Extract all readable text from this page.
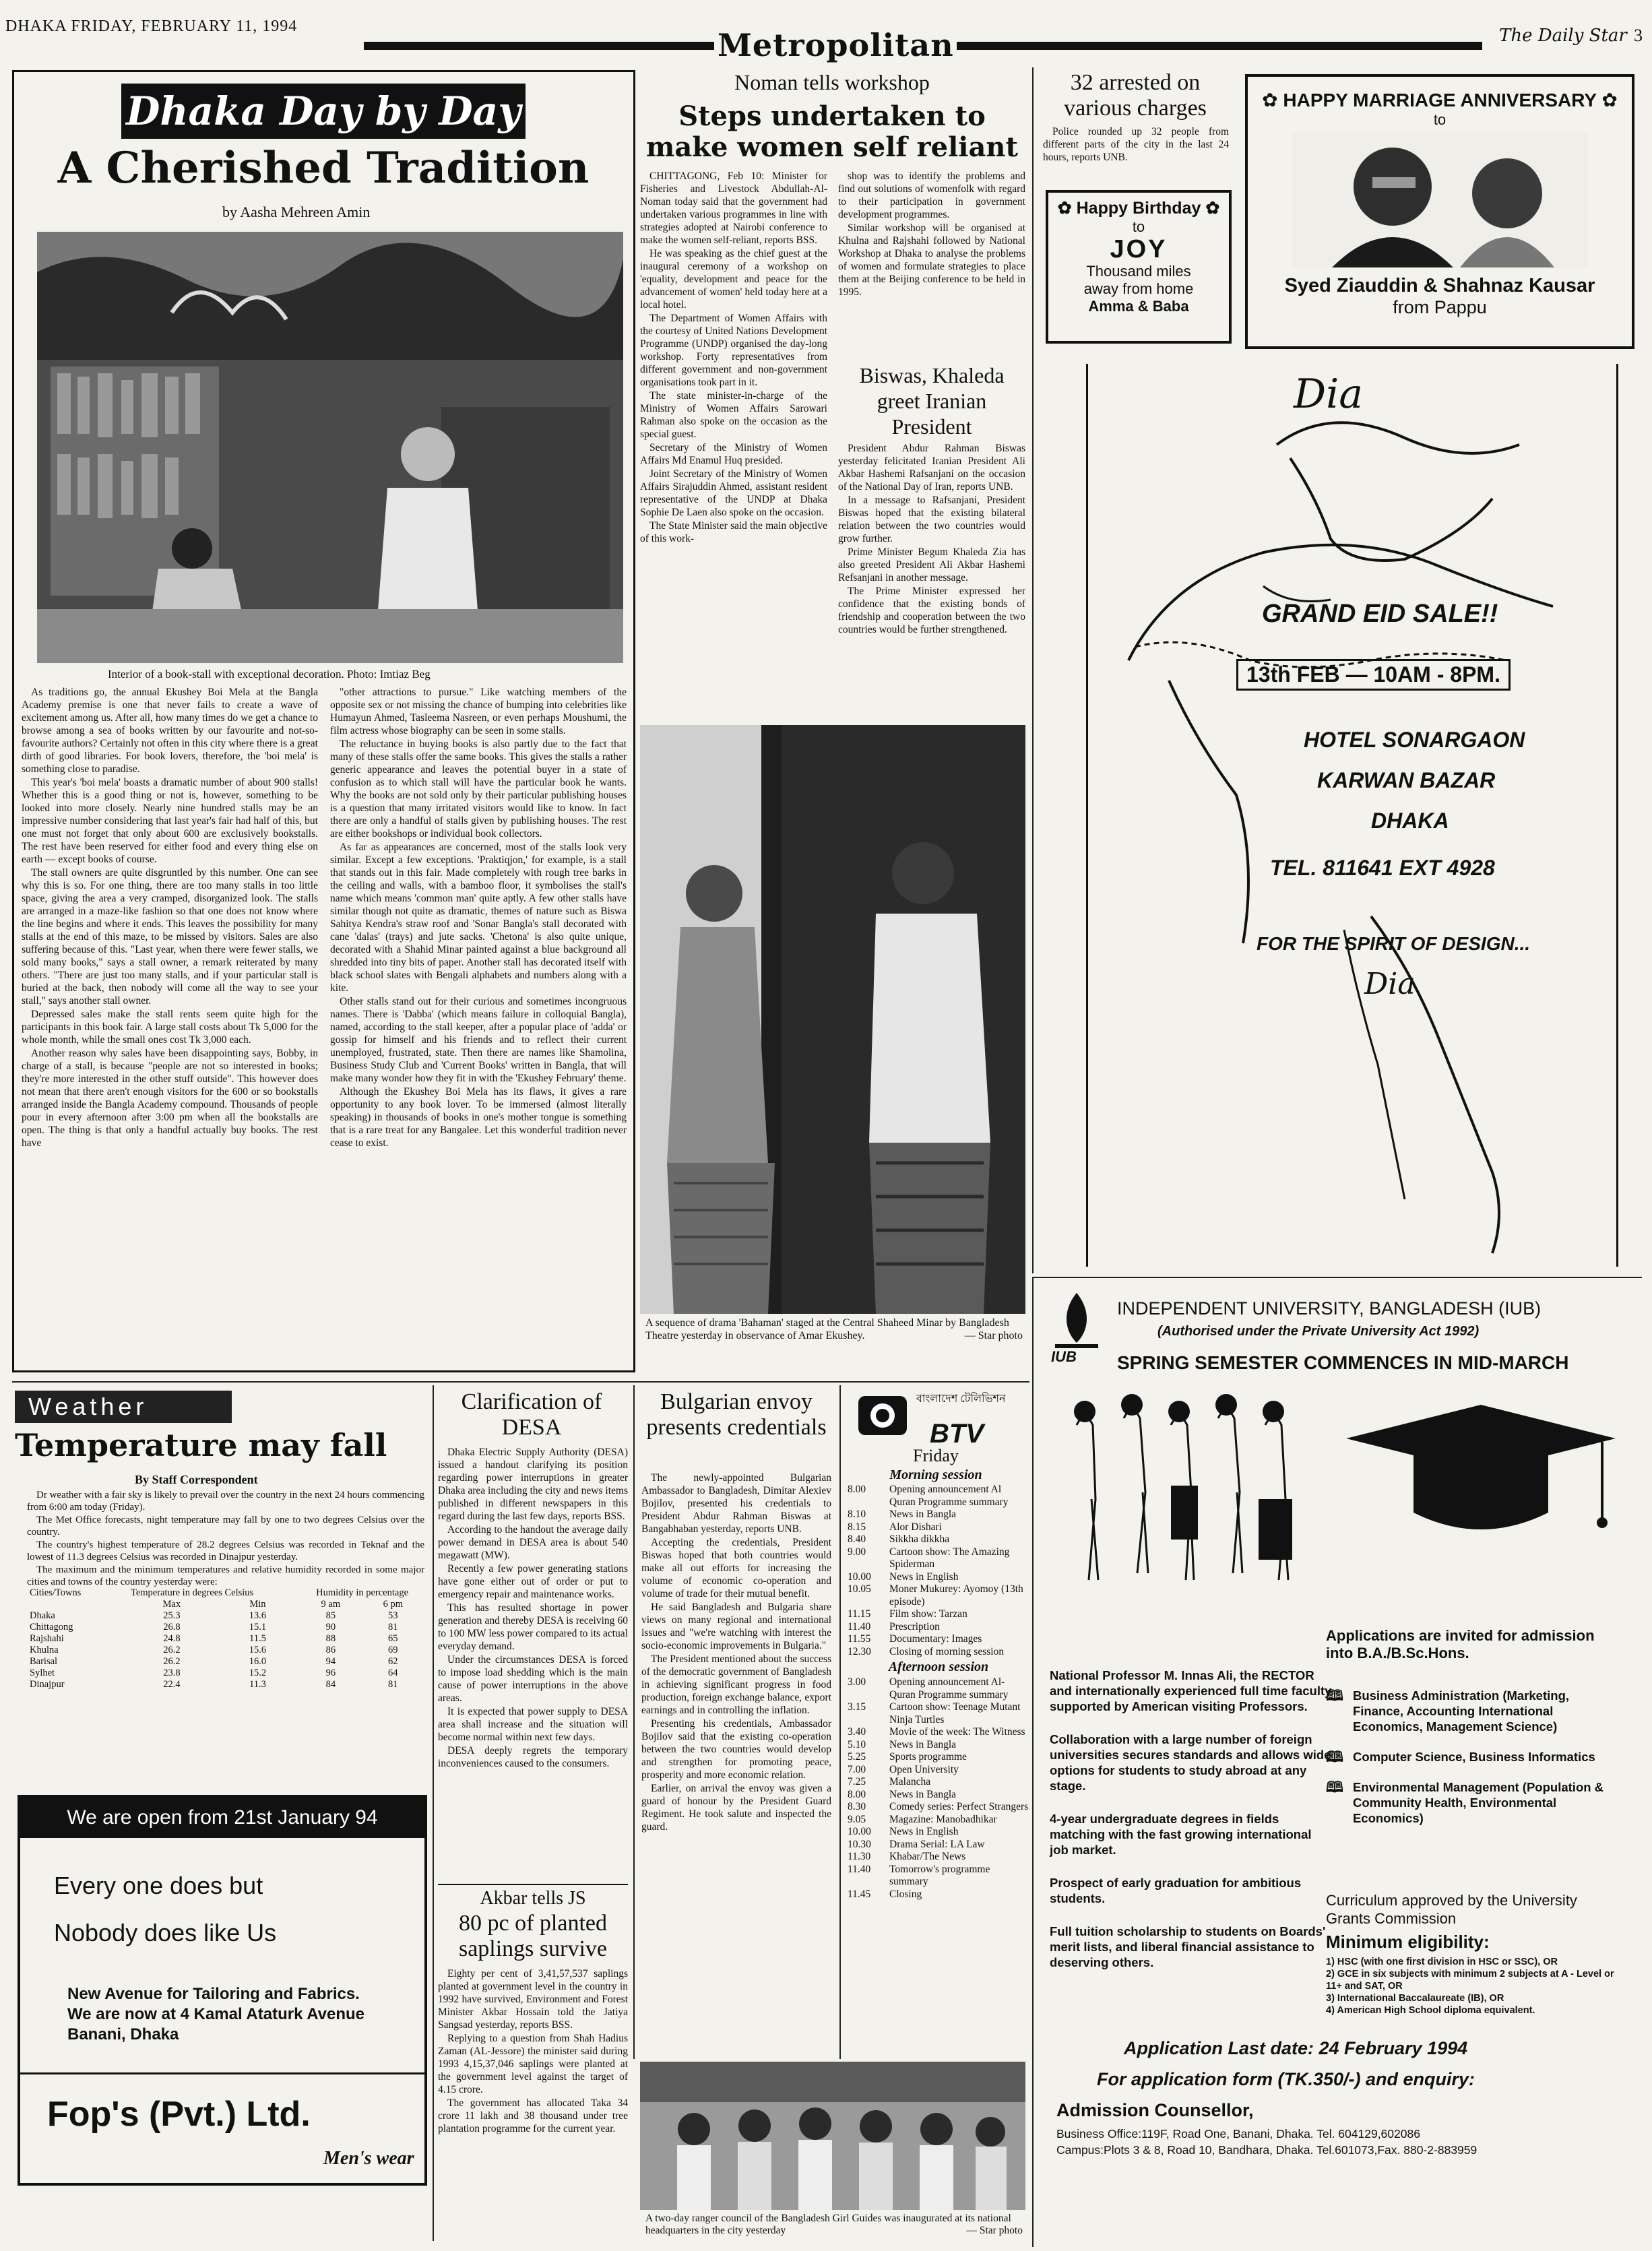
DHAKA FRIDAY, FEBRUARY 11, 1994
Metropolitan	The Daily Star 3
Dhaka Day by Day
A Cherished Tradition
by Aasha Mehreen Amin
Interior of a book-stall with exceptional decoration. Photo: Imtiaz Beg

As traditions go, the annual Ekushey Boi Mela at the Bangla Academy premise is one that never fails to create a wave of excitement among us. After all, how many times do we get a chance to browse among a sea of books written by our favourite and not-so-favourite authors? Certainly not often in this city where there is a great dirth of good libraries. For book lovers, therefore, the 'boi mela' is something close to paradise.

This year's 'boi mela' boasts a dramatic number of about 900 stalls! Whether this is a good thing or not is, however, something to be looked into more closely. Nearly nine hundred stalls may be an impressive number considering that last year's fair had half of this, but one must not forget that only about 600 are exclusively bookstalls. The rest have been reserved for either food and every thing else on earth — except books of course.

The stall owners are quite disgruntled by this number. One can see why this is so. For one thing, there are too many stalls in too little space, giving the area a very cramped, disorganized look. The stalls are arranged in a maze-like fashion so that one does not know where the line begins and where it ends. This leaves the possibility for many stalls at the end of this maze, to be missed by visitors. Sales are also suffering because of this. "Last year, when there were fewer stalls, we sold many books," says a stall owner, a remark reiterated by many others. "There are just too many stalls, and if your particular stall is buried at the back, then nobody will come all the way to see your stall," says another stall owner.

Depressed sales make the stall rents seem quite high for the participants in this book fair. A large stall costs about Tk 5,000 for the whole month, while the small ones cost Tk 3,000 each.

Another reason why sales have been disappointing says, Bobby, in charge of a stall, is because "people are not so interested in books; they're more interested in the other stuff outside". This however does not mean that there aren't enough visitors for the 600 or so bookstalls arranged inside the Bangla Academy compound. Thousands of people pour in every afternoon after 3:00 pm when all the bookstalls are open. The thing is that only a handful actually buy books. The rest have

"other attractions to pursue." Like watching members of the opposite sex or not missing the chance of bumping into celebrities like Humayun Ahmed, Tasleema Nasreen, or even perhaps Moushumi, the film actress whose biography can be seen in some stalls.

The reluctance in buying books is also partly due to the fact that many of these stalls offer the same books. This gives the stalls a rather generic appearance and leaves the potential buyer in a state of confusion as to which stall will have the particular book he wants. Why the books are not sold only by their particular publishing houses is a question that many irritated visitors would like to know. In fact there are only a handful of stalls given by publishing houses. The rest are either bookshops or individual book collectors.

As far as appearances are concerned, most of the stalls look very similar. Except a few exceptions. 'Praktiqjon,' for example, is a stall that stands out in this fair. Made completely with rough tree barks in the ceiling and walls, with a bamboo floor, it symbolises the stall's name which means 'common man' quite aptly. A few other stalls have similar though not quite as dramatic, themes of nature such as Biswa Sahitya Kendra's straw roof and 'Sonar Bangla's stall decorated with cane 'dalas' (trays) and jute sacks. 'Chetona' is also quite unique, decorated with a Shahid Minar painted against a blue background all shredded into tiny bits of paper. Another stall has decorated itself with black school slates with Bengali alphabets and numbers along with a kite.

Other stalls stand out for their curious and sometimes incongruous names. There is 'Dabba' (which means failure in colloquial Bangla), named, according to the stall keeper, after a popular place of 'adda' or gossip for himself and his friends and to reflect their current unemployed, frustrated, state. Then there are names like Shamolina, Business Study Club and 'Current Books' written in Bangla, that will make many wonder how they fit in with the 'Ekushey February' theme.

Although the Ekushey Boi Mela has its flaws, it gives a rare opportunity to any book lover. To be immersed (almost literally speaking) in thousands of books in one's mother tongue is something that is a rare treat for any Bangalee. Let this wonderful tradition never cease to exist.

Noman tells workshop
Steps undertaken to make women self reliant

CHITTAGONG, Feb 10: Minister for Fisheries and Livestock Abdullah-Al-Noman today said that the government had undertaken various programmes in line with strategies adopted at Nairobi conference to make the women self-reliant, reports BSS.

He was speaking as the chief guest at the inaugural ceremony of a workshop on 'equality, development and peace for the advancement of women' held today here at a local hotel.

The Department of Women Affairs with the courtesy of United Nations Development Programme (UNDP) organised the day-long workshop. Forty representatives from different government and non-government organisations took part in it.

The state minister-in-charge of the Ministry of Women Affairs Sarowari Rahman also spoke on the occasion as the special guest.

Secretary of the Ministry of Women Affairs Md Enamul Huq presided.

Joint Secretary of the Ministry of Women Affairs Sirajuddin Ahmed, assistant resident representative of the UNDP at Dhaka Sophie De Laen also spoke on the occasion.

The State Minister said the main objective of this work-

shop was to identify the problems and find out solutions of womenfolk with regard to their participation in government development programmes.

Similar workshop will be organised at Khulna and Rajshahi followed by National Workshop at Dhaka to analyse the problems of women and formulate strategies to place them at the Beijing conference to be held in 1995.

Biswas, Khaleda greet Iranian President

President Abdur Rahman Biswas yesterday felicitated Iranian President Ali Akbar Hashemi Rafsanjani on the occasion of the National Day of Iran, reports UNB.

In a message to Rafsanjani, President Biswas hoped that the existing bilateral relation between the two countries would grow further.

Prime Minister Begum Khaleda Zia has also greeted President Ali Akbar Hashemi Refsanjani in another message.

The Prime Minister expressed her confidence that the existing bonds of friendship and cooperation between the two countries would be further strengthened.

A sequence of drama 'Bahaman' staged at the Central Shaheed Minar by Bangladesh Theatre yesterday in observance of Amar Ekushey.	— Star photo
32 arrested on various charges

Police rounded up 32 people from different parts of the city in the last 24 hours, reports UNB.

✿ Happy Birthday ✿
to
JOY
Thousand miles
away from home
Amma & Baba
✿ HAPPY MARRIAGE ANNIVERSARY ✿
to
Syed Ziauddin & Shahnaz Kausar
from Pappu
Dia
GRAND EID SALE!!
13th FEB — 10AM - 8PM.
HOTEL SONARGAON
KARWAN BAZAR
DHAKA
TEL. 811641 EXT 4928
FOR THE SPIRIT OF DESIGN...
Dia
Weather
Temperature may fall
By Staff Correspondent

Dr weather with a fair sky is likely to prevail over the country in the next 24 hours commencing from 6:00 am today (Friday).

The Met Office forecasts, night temperature may fall by one to two degrees Celsius over the country.

The country's highest temperature of 28.2 degrees Celsius was recorded in Teknaf and the lowest of 11.3 degrees Celsius was recorded in Dinajpur yesterday.

The maximum and the minimum temperatures and relative humidity recorded in some major cities and towns of the country yesterday were:

Cities/Towns	Temperature in degrees Celsius		Humidity in percentage	
	Max	Min	9 am	6 pm
Dhaka	25.3	13.6	85	53
Chittagong	26.8	15.1	90	81
Rajshahi	24.8	11.5	88	65
Khulna	26.2	15.6	86	69
Barisal	26.2	16.0	94	62
Sylhet	23.8	15.2	96	64
Dinajpur	22.4	11.3	84	81
We are open from 21st January 94
Every one does but
Nobody does like Us
New Avenue for Tailoring and Fabrics.
We are now at 4 Kamal Ataturk Avenue
Banani, Dhaka
Fop's (Pvt.) Ltd.
Men's wear
Clarification of DESA

Dhaka Electric Supply Authority (DESA) issued a handout clarifying its position regarding power interruptions in greater Dhaka area including the city and news items published in different newspapers in this regard during the last few days, reports BSS.

According to the handout the average daily power demand in DESA area is about 540 megawatt (MW).

Recently a few power generating stations have gone either out of order or put to emergency repair and maintenance works.

This has resulted shortage in power generation and thereby DESA is receiving 60 to 100 MW less power compared to its actual everyday demand.

Under the circumstances DESA is forced to impose load shedding which is the main cause of power interruptions in the above areas.

It is expected that power supply to DESA area shall increase and the situation will become normal within next few days.

DESA deeply regrets the temporary inconveniences caused to the consumers.

Akbar tells JS
80 pc of planted saplings survive

Eighty per cent of 3,41,57,537 saplings planted at government level in the country in 1992 have survived, Environment and Forest Minister Akbar Hossain told the Jatiya Sangsad yesterday, reports BSS.

Replying to a question from Shah Hadius Zaman (AL-Jessore) the minister said during 1993 4,15,37,046 saplings were planted at the government level against the target of 4.15 crore.

The government has allocated Taka 34 crore 11 lakh and 38 thousand under tree plantation programme for the current year.

Bulgarian envoy presents credentials

The newly-appointed Bulgarian Ambassador to Bangladesh, Dimitar Alexiev Bojilov, presented his credentials to President Abdur Rahman Biswas at Bangabhaban yesterday, reports UNB.

Accepting the credentials, President Biswas hoped that both countries would make all out efforts for increasing the volume of economic co-operation and volume of trade for their mutual benefit.

He said Bangladesh and Bulgaria share views on many regional and international issues and "we're watching with interest the socio-economic improvements in Bulgaria."

The President mentioned about the success of the democratic government of Bangladesh in achieving significant progress in food production, foreign exchange balance, export earnings and in controlling the inflation.

Presenting his credentials, Ambassador Bojilov said that the existing co-operation between the two countries would develop and strengthen for promoting peace, prosperity and more economic relation.

Earlier, on arrival the envoy was given a guard of honour by the President Guard Regiment. He took salute and inspected the guard.

বাংলাদেশ টেলিভিশন
BTV
Friday
Morning session
8.00	Opening announcement Al Quran Programme summary
8.10	News in Bangla
8.15	Alor Dishari
8.40	Sikkha dikkha
9.00	Cartoon show: The Amazing Spiderman
10.00	News in English
10.05	Moner Mukurey: Ayomoy (13th episode)
11.15	Film show: Tarzan
11.40	Prescription
11.55	Documentary: Images
12.30	Closing of morning session
Afternoon session
3.00	Opening announcement Al-Quran Programme summary
3.15	Cartoon show: Teenage Mutant Ninja Turtles
3.40	Movie of the week: The Witness
5.10	News in Bangla
5.25	Sports programme
7.00	Open University
7.25	Malancha
8.00	News in Bangla
8.30	Comedy series: Perfect Strangers
9.05	Magazine: Manobadhikar
10.00	News in English
10.30	Drama Serial: LA Law
11.30	Khabar/The News
11.40	Tomorrow's programme summary
11.45	Closing
A two-day ranger council of the Bangladesh Girl Guides was inaugurated at its national headquarters in the city yesterday	— Star photo
IUB
INDEPENDENT UNIVERSITY, BANGLADESH (IUB)
(Authorised under the Private University Act 1992)
SPRING SEMESTER COMMENCES IN MID-MARCH
Applications are invited for admission into B.A./B.Sc.Hons.

National Professor M. Innas Ali, the RECTOR and internationally experienced full time faculty supported by American visiting Professors.

Collaboration with a large number of foreign universities secures standards and allows wide options for students to study abroad at any stage.

4-year undergraduate degrees in fields matching with the fast growing international job market.

Prospect of early graduation for ambitious students.

Full tuition scholarship to students on Boards' merit lists, and liberal financial assistance to deserving others.

🕮 Business Administration (Marketing, Finance, Accounting International Economics, Management Science)
🕮 Computer Science, Business Informatics
🕮 Environmental Management (Population & Community Health, Environmental Economics)
Curriculum approved by the University Grants Commission
Minimum eligibility:
1) HSC (with one first division in HSC or SSC), OR
2) GCE in six subjects with minimum 2 subjects at A - Level or 11+ and SAT, OR
3) International Baccalaureate (IB), OR
4) American High School diploma equivalent.
Application Last date: 24 February 1994
For application form (TK.350/-) and enquiry:
Admission Counsellor,
Business Office:119F, Road One, Banani, Dhaka. Tel. 604129,602086
Campus:Plots 3 & 8, Road 10, Bandhara, Dhaka. Tel.601073,Fax. 880-2-883959
